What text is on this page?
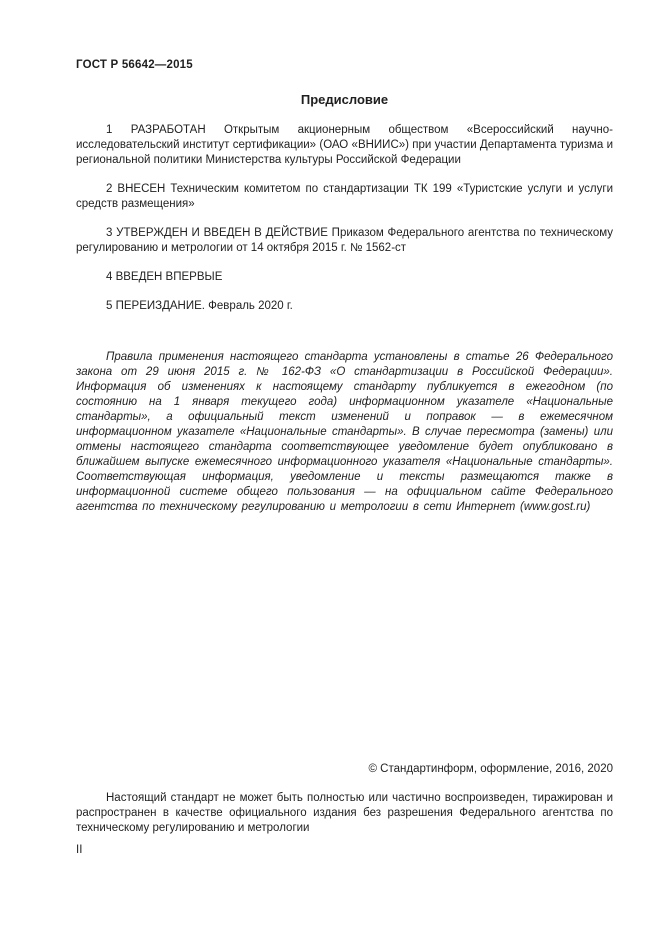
ГОСТ Р 56642—2015
Предисловие

1 РАЗРАБОТАН Открытым акционерным обществом «Всероссийский научно-исследовательский институт сертификации» (ОАО «ВНИИС») при участии Департамента туризма и региональной политики Министерства культуры Российской Федерации

2 ВНЕСЕН Техническим комитетом по стандартизации ТК 199 «Туристские услуги и услуги средств размещения»

3 УТВЕРЖДЕН И ВВЕДЕН В ДЕЙСТВИЕ Приказом Федерального агентства по техническому регулированию и метрологии от 14 октября 2015 г. № 1562-ст

4 ВВЕДЕН ВПЕРВЫЕ

5 ПЕРЕИЗДАНИЕ. Февраль 2020 г.

Правила применения настоящего стандарта установлены в статье 26 Федерального закона от 29 июня 2015 г. № 162-ФЗ «О стандартизации в Российской Федерации». Информация об изменениях к настоящему стандарту публикуется в ежегодном (по состоянию на 1 января текущего года) информационном указателе «Национальные стандарты», а официальный текст изменений и поправок — в ежемесячном информационном указателе «Национальные стандарты». В случае пересмотра (замены) или отмены настоящего стандарта соответствующее уведомление будет опубликовано в ближайшем выпуске ежемесячного информационного указателя «Национальные стандарты». Соответствующая информация, уведомление и тексты размещаются также в информационной системе общего пользования — на официальном сайте Федерального агентства по техническому регулированию и метрологии в сети Интернет (www.gost.ru)

© Стандартинформ, оформление, 2016, 2020

Настоящий стандарт не может быть полностью или частично воспроизведен, тиражирован и распространен в качестве официального издания без разрешения Федерального агентства по техническому регулированию и метрологии

II
